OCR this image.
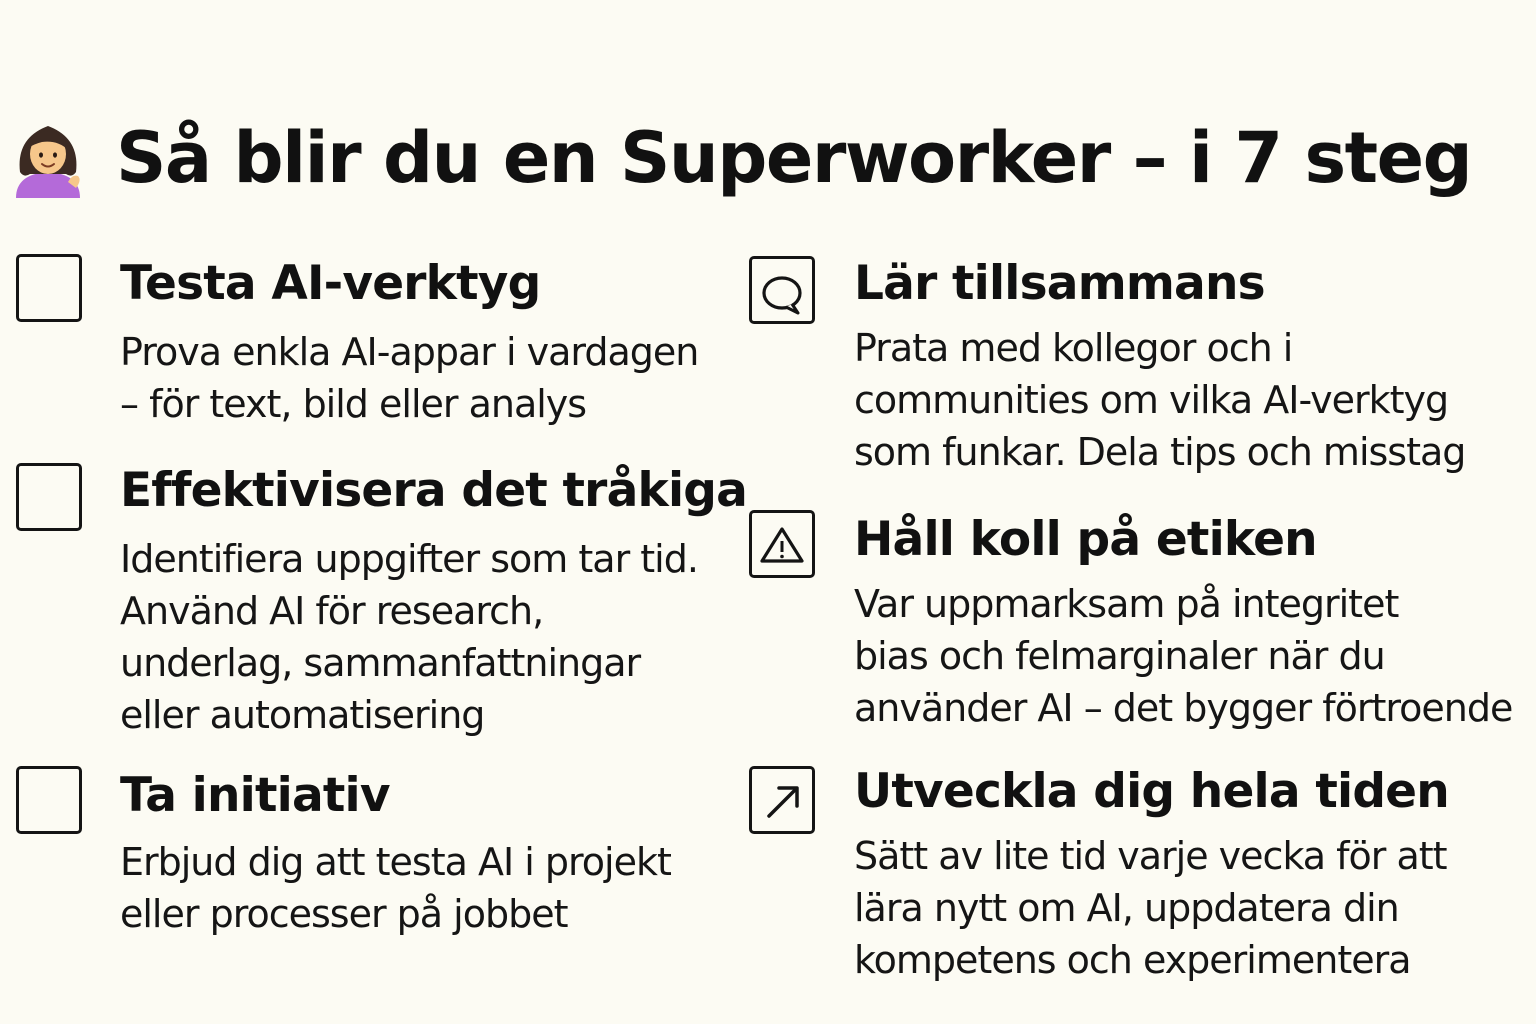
Så blir du en Superworker – i 7 steg
Testa AI-verktyg
Prova enkla AI-appar i vardagen
– för text, bild eller analys
Effektivisera det tråkiga
Identifiera uppgifter som tar tid.
Använd AI för research,
underlag, sammanfattningar
eller automatisering
Ta initiativ
Erbjud dig att testa AI i projekt
eller processer på jobbet
Lär tillsammans
Prata med kollegor och i
communities om vilka AI-verktyg
som funkar. Dela tips och misstag
Håll koll på etiken
Var uppmarksam på integritet
bias och felmarginaler när du
använder AI – det bygger förtroende
Utveckla dig hela tiden
Sätt av lite tid varje vecka för att
lära nytt om AI, uppdatera din
kompetens och experimentera
